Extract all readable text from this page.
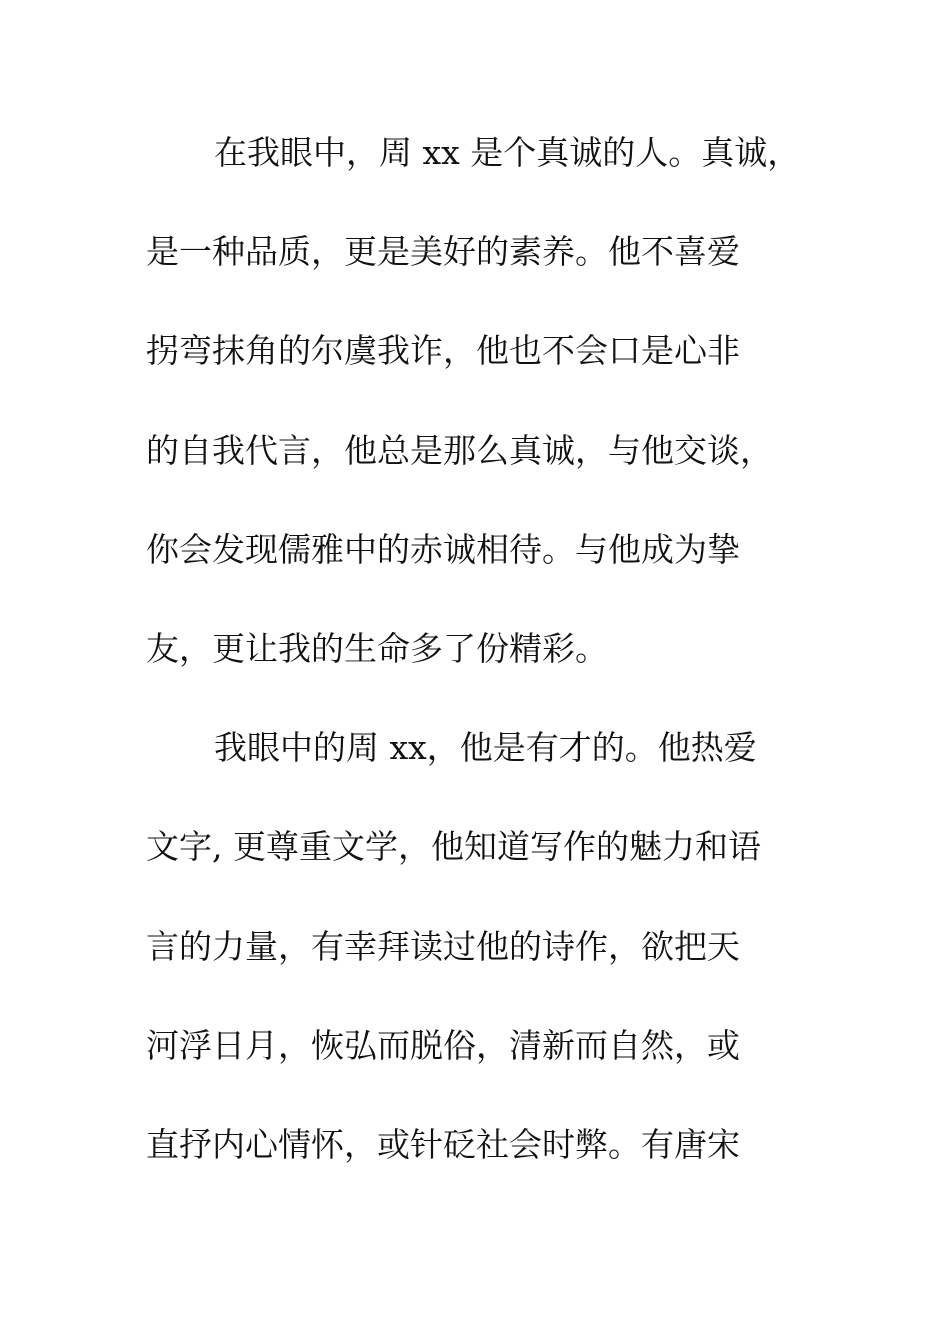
在我眼中，周 xx 是个真诚的人。真诚，
是一种品质，更是美好的素养。他不喜爱
拐弯抹角的尔虞我诈，他也不会口是心非
的自我代言，他总是那么真诚，与他交谈，
你会发现儒雅中的赤诚相待。与他成为挚
友，更让我的生命多了份精彩。
我眼中的周 xx，他是有才的。他热爱
文字, 更尊重文学，他知道写作的魅力和语
言的力量，有幸拜读过他的诗作，欲把天
河浮日月，恢弘而脱俗，清新而自然，或
直抒内心情怀，或针砭社会时弊。有唐宋
